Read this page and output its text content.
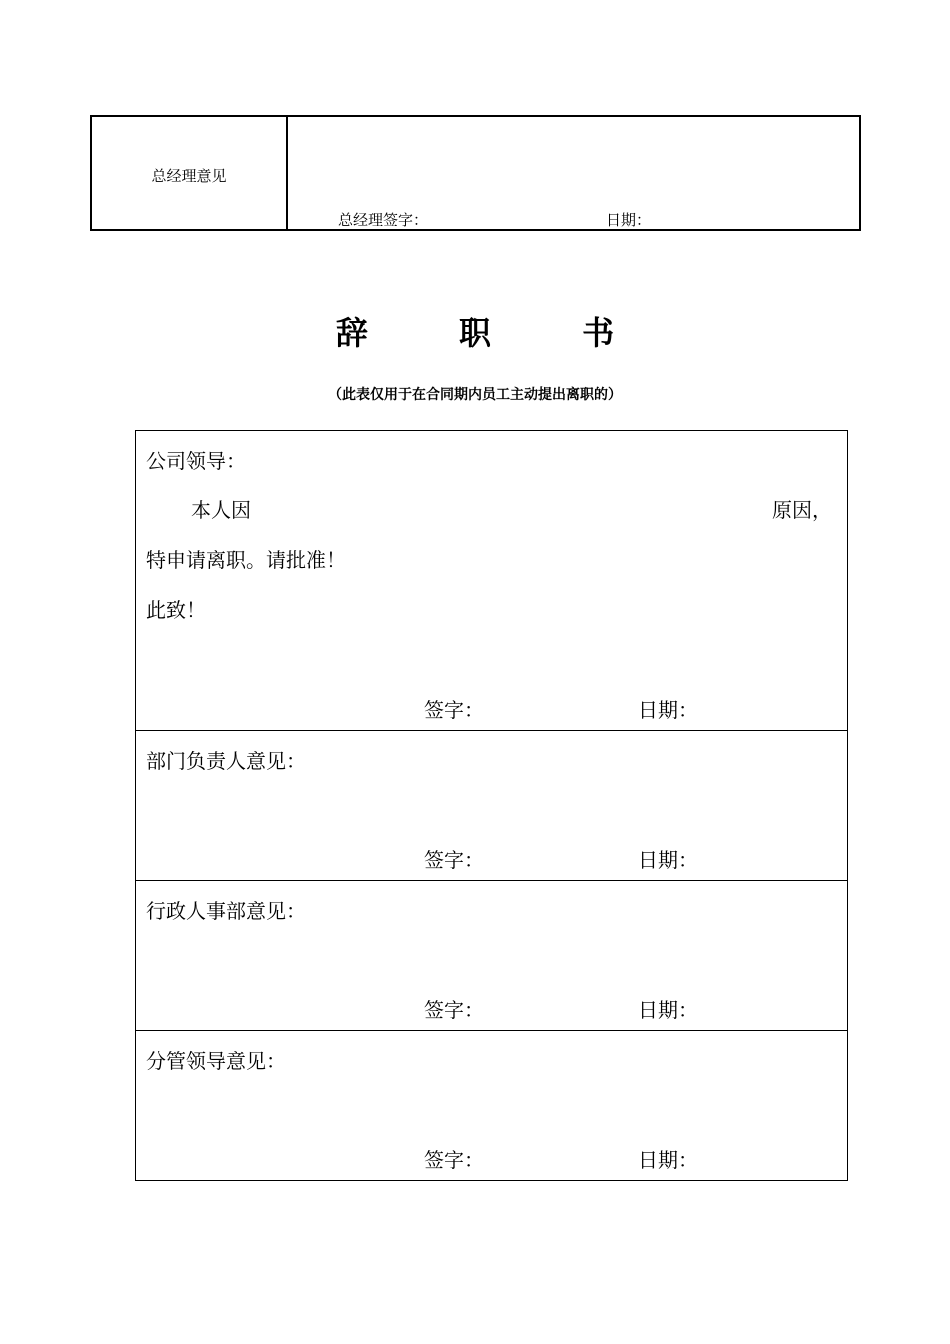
总经理意见
总经理签字：	日期：
辞 职 书
（此表仅用于在合同期内员工主动提出离职的）
公司领导：
本人因	原因，
特申请离职。请批准！
此致！
签字：	日期：
部门负责人意见：
签字：	日期：
行政人事部意见：
签字：	日期：
分管领导意见：
签字：	日期：
